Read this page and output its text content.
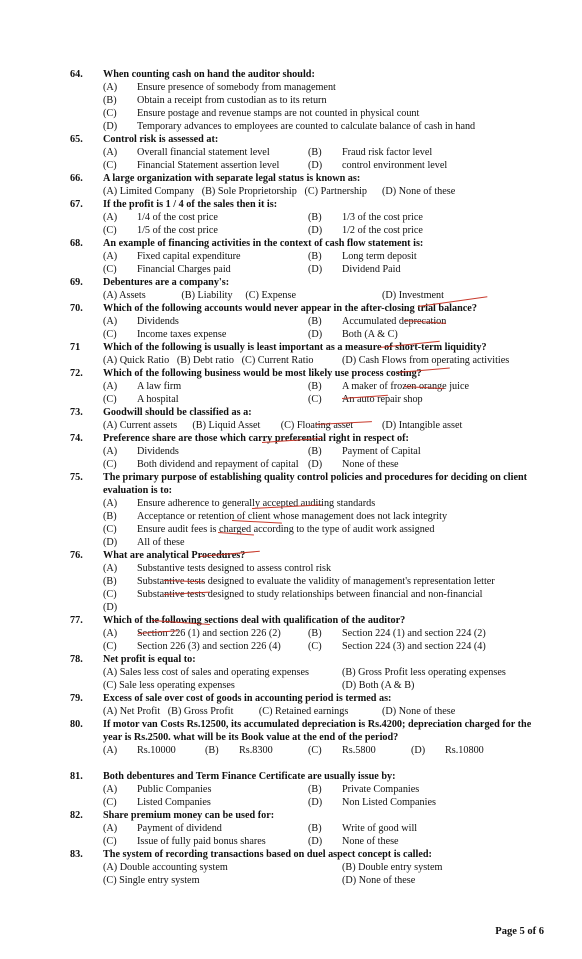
64. When counting cash on hand the auditor should:
(A) Ensure presence of somebody from management
(B) Obtain a receipt from custodian as to its return
(C) Ensure postage and revenue stamps are not counted in physical count
(D) Temporary advances to employees are counted to calculate balance of cash in hand
65. Control risk is assessed at:
(A) Overall financial statement level	(B) Fraud risk factor level
(C) Financial Statement assertion level	(D) control environment level
66. A large organization with separate legal status is known as:
(A) Limited Company   (B) Sole Proprietorship   (C) Partnership (D) None of these
67. If the profit is 1 / 4 of the sales then it is:
(A) 1/4 of the cost price	(B) 1/3 of the cost price
(C) 1/5 of the cost price	(D) 1/2 of the cost price
68. An example of financing activities in the context of cash flow statement is:
(A) Fixed capital expenditure	(B) Long term deposit
(C) Financial Charges paid	(D) Dividend Paid
69. Debentures are a company's:
(A) Assets              (B) Liability     (C) Expense	(D) Investment
70. Which of the following accounts would never appear in the after-closing trial balance?
(A) Dividends	(B) Accumulated deprecation
(C) Income taxes expense	(D) Both (A & C)
71 Which of the following is usually is least important as a measure of short-term liquidity?
(A) Quick Ratio   (B) Debt ratio   (C) Current Ratio	(D) Cash Flows from operating activities
72. Which of the following business would be most likely use process costing?
(A) A law firm	(B) A maker of frozen orange juice
(C) A hospital	(C) An auto repair shop
73. Goodwill should be classified as a:
(A) Current assets      (B) Liquid Asset        (C) Floating asset	(D) Intangible asset
74. Preference share are those which carry preferential right in respect of:
(A) Dividends	(B) Payment of Capital
(C) Both dividend and repayment of capital (D) None of these
75. The primary purpose of establishing quality control policies and procedures for deciding on client evaluation is to:
(A) Ensure adherence to generally accepted auditing standards
(B) Acceptance or retention of client whose management does not lack integrity
(C) Ensure audit fees is charged according to the type of audit work assigned
(D) All of these
76. What are analytical Procedures?
(A) Substantive tests designed to assess control risk
(B) Substantive tests designed to evaluate the validity of management's representation letter
(C) Substantive tests designed to study relationships between financial and non-financial
(D)
77. Which of the following sections deal with qualification of the auditor?
(A) Section 226 (1) and section 226 (2)	(B) Section 224 (1) and section 224 (2)
(C) Section 226 (3) and section 226 (4)	(C) Section 224 (3) and section 224 (4)
78. Net profit is equal to:
(A) Sales less cost of sales and operating expenses	(B) Gross Profit less operating expenses
(C) Sale less operating expenses	(D) Both (A & B)
79. Excess of sale over cost of goods in accounting period is termed as:
(A) Net Profit   (B) Gross Profit          (C) Retained earnings	(D) None of these
80. If motor van Costs Rs.12500, its accumulated depreciation is Rs.4200; depreciation charged for the year is Rs.2500. what will be its Book value at the end of the period?
(A) Rs.10000	(B) Rs.8300	(C) Rs.5800	(D) Rs.10800
81. Both debentures and Term Finance Certificate are usually issue by:
(A) Public Companies	(B) Private Companies
(C) Listed Companies	(D) Non Listed Companies
82. Share premium money can be used for:
(A) Payment of dividend	(B) Write of good will
(C) Issue of fully paid bonus shares	(D) None of these
83. The system of recording transactions based on duel aspect concept is called:
(A) Double accounting system	(B) Double entry system
(C) Single entry system	(D) None of these
Page 5 of 6
